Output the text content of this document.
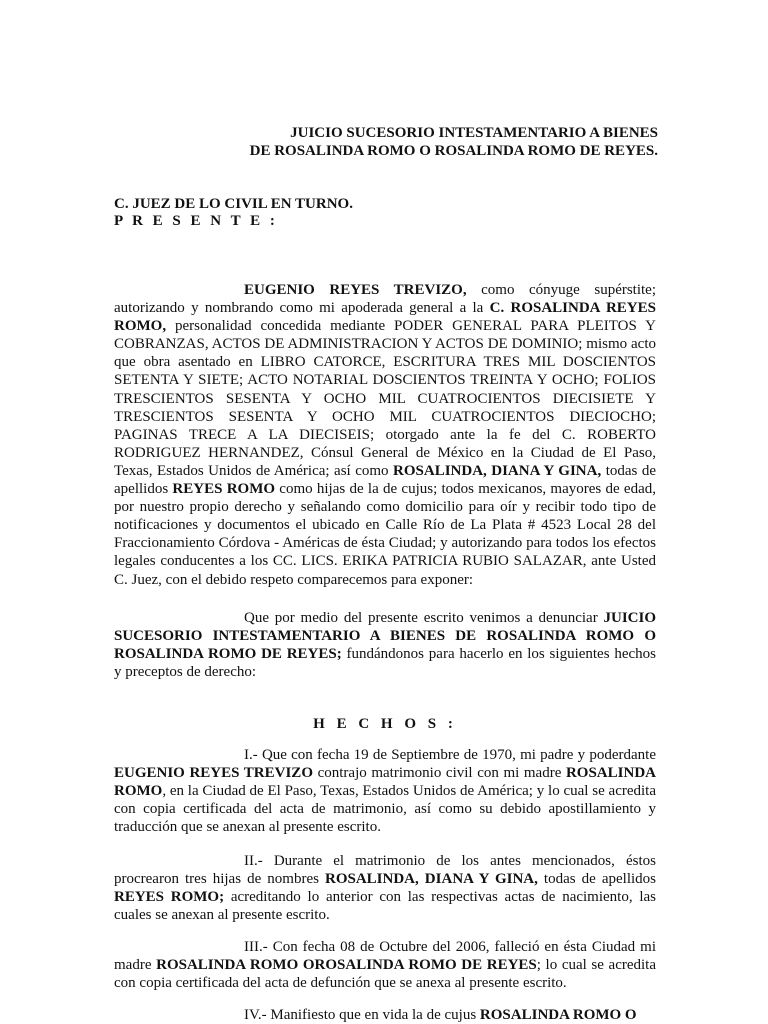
JUICIO SUCESORIO INTESTAMENTARIO A BIENES
DE ROSALINDA ROMO O ROSALINDA ROMO DE REYES.
C. JUEZ DE LO CIVIL EN TURNO.
P R E S E N T E :

EUGENIO REYES TREVIZO, como cónyuge supérstite; autorizando y nombrando como mi apoderada general a la C. ROSALINDA REYES ROMO, personalidad concedida mediante PODER GENERAL PARA PLEITOS Y COBRANZAS, ACTOS DE ADMINISTRACION Y ACTOS DE DOMINIO; mismo acto que obra asentado en LIBRO CATORCE, ESCRITURA TRES MIL DOSCIENTOS SETENTA Y SIETE; ACTO NOTARIAL DOSCIENTOS TREINTA Y OCHO; FOLIOS TRESCIENTOS SESENTA Y OCHO MIL CUATROCIENTOS DIECISIETE Y TRESCIENTOS SESENTA Y OCHO MIL CUATROCIENTOS DIECIOCHO; PAGINAS TRECE A LA DIECISEIS; otorgado ante la fe del C. ROBERTO RODRIGUEZ HERNANDEZ, Cónsul General de México en la Ciudad de El Paso, Texas, Estados Unidos de América; así como ROSALINDA, DIANA Y GINA, todas de apellidos REYES ROMO como hijas de la de cujus; todos mexicanos, mayores de edad, por nuestro propio derecho y señalando como domicilio para oír y recibir todo tipo de notificaciones y documentos el ubicado en Calle Río de La Plata # 4523 Local 28 del Fraccionamiento Córdova - Américas de ésta Ciudad; y autorizando para todos los efectos legales conducentes a los CC. LICS. ERIKA PATRICIA RUBIO SALAZAR, ante Usted C. Juez, con el debido respeto comparecemos para exponer:

Que por medio del presente escrito venimos a denunciar JUICIO SUCESORIO INTESTAMENTARIO A BIENES DE ROSALINDA ROMO O ROSALINDA ROMO DE REYES; fundándonos para hacerlo en los siguientes hechos y preceptos de derecho:

H E C H O S :

I.- Que con fecha 19 de Septiembre de 1970, mi padre y poderdante EUGENIO REYES TREVIZO contrajo matrimonio civil con mi madre ROSALINDA ROMO, en la Ciudad de El Paso, Texas, Estados Unidos de América; y lo cual se acredita con copia certificada del acta de matrimonio, así como su debido apostillamiento y traducción que se anexan al presente escrito.

II.- Durante el matrimonio de los antes mencionados, éstos procrearon tres hijas de nombres ROSALINDA, DIANA Y GINA, todas de apellidos REYES ROMO; acreditando lo anterior con las respectivas actas de nacimiento, las cuales se anexan al presente escrito.

III.- Con fecha 08 de Octubre del 2006, falleció en ésta Ciudad mi madre ROSALINDA ROMO OROSALINDA ROMO DE REYES; lo cual se acredita con copia certificada del acta de defunción que se anexa al presente escrito.

IV.- Manifiesto que en vida la de cujus ROSALINDA ROMO O
